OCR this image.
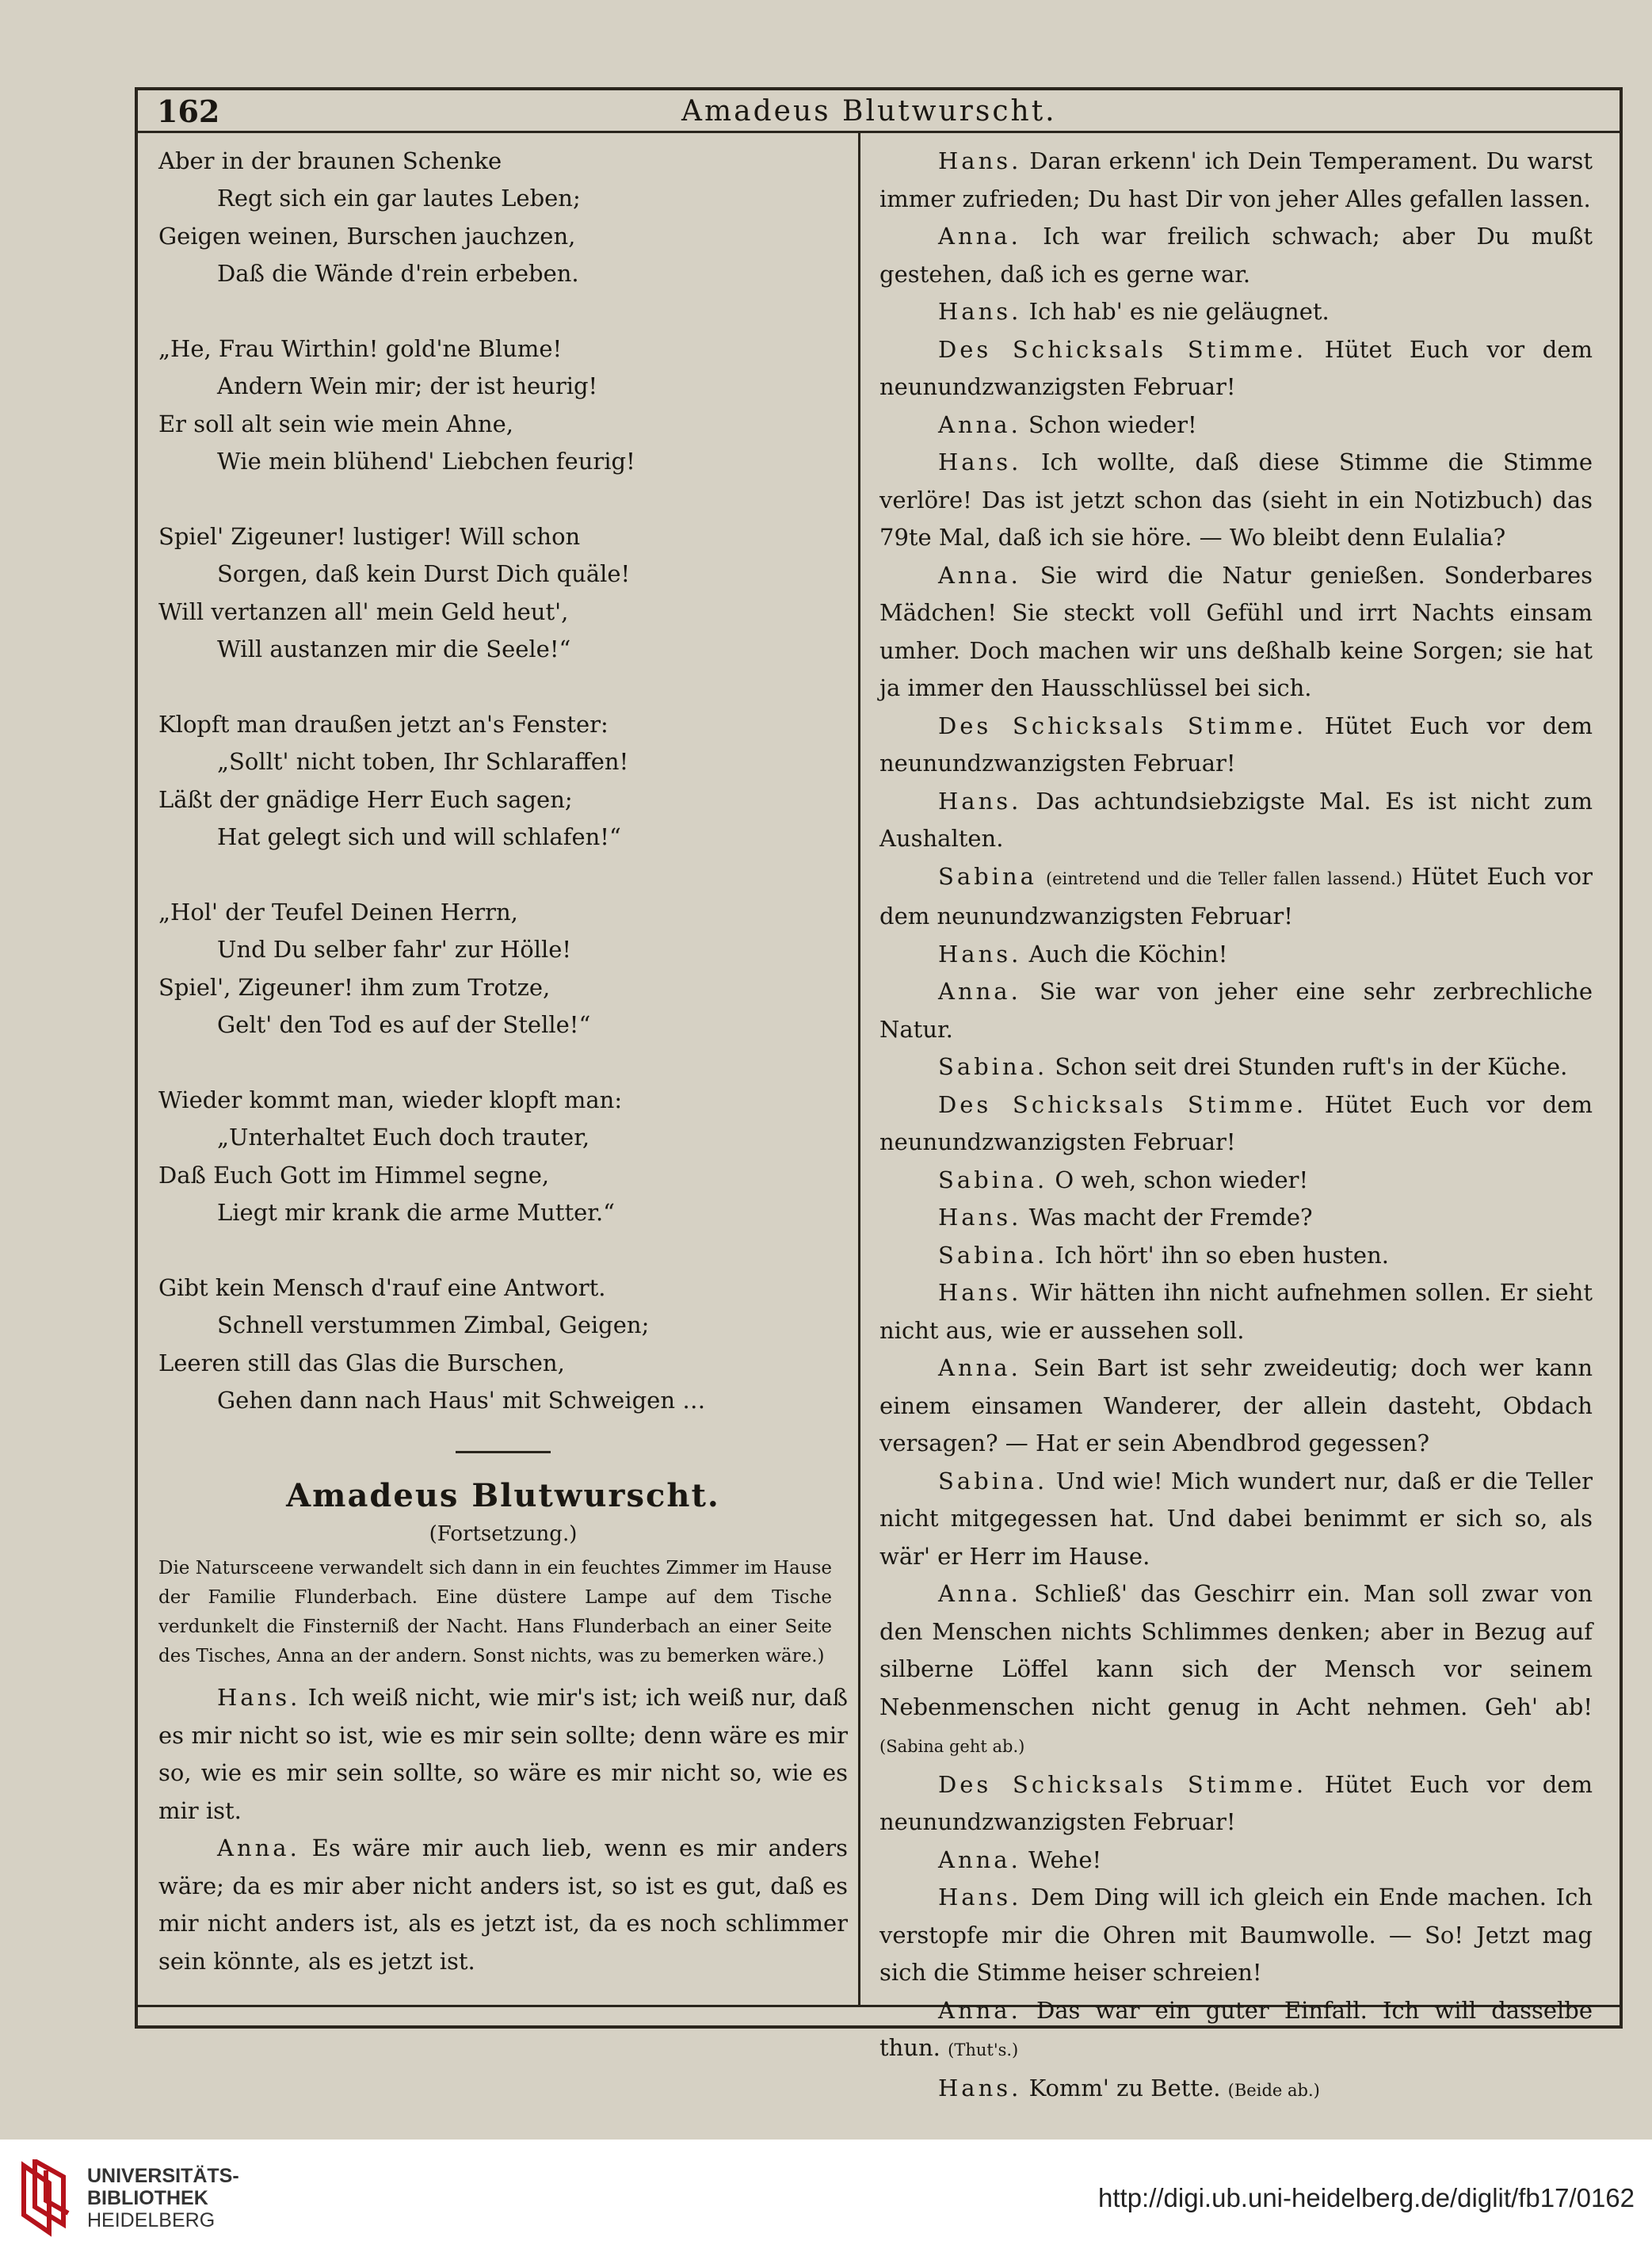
162	Amadeus Blutwurscht.
Aber in der braunen Schenke
Regt sich ein gar lautes Leben;
Geigen weinen, Burschen jauchzen,
Daß die Wände d'rein erbeben.
„He, Frau Wirthin! gold'ne Blume!
Andern Wein mir; der ist heurig!
Er soll alt sein wie mein Ahne,
Wie mein blühend' Liebchen feurig!
Spiel' Zigeuner! lustiger! Will schon
Sorgen, daß kein Durst Dich quäle!
Will vertanzen all' mein Geld heut',
Will austanzen mir die Seele!“
Klopft man draußen jetzt an's Fenster:
„Sollt' nicht toben, Ihr Schlaraffen!
Läßt der gnädige Herr Euch sagen;
Hat gelegt sich und will schlafen!“
„Hol' der Teufel Deinen Herrn,
Und Du selber fahr' zur Hölle!
Spiel', Zigeuner! ihm zum Trotze,
Gelt' den Tod es auf der Stelle!“
Wieder kommt man, wieder klopft man:
„Unterhaltet Euch doch trauter,
Daß Euch Gott im Himmel segne,
Liegt mir krank die arme Mutter.“
Gibt kein Mensch d'rauf eine Antwort.
Schnell verstummen Zimbal, Geigen;
Leeren still das Glas die Burschen,
Gehen dann nach Haus' mit Schweigen …
Amadeus Blutwurscht.
(Fortsetzung.)
Die Natursceene verwandelt sich dann in ein feuchtes Zimmer im Hause der Familie Flunderbach. Eine düstere Lampe auf dem Tische verdunkelt die Finsterniß der Nacht. Hans Flunderbach an einer Seite des Tisches, Anna an der andern. Sonst nichts, was zu bemerken wäre.)
Hans. Ich weiß nicht, wie mir's ist; ich weiß nur, daß es mir nicht so ist, wie es mir sein sollte; denn wäre es mir so, wie es mir sein sollte, so wäre es mir nicht so, wie es mir ist.
Anna. Es wäre mir auch lieb, wenn es mir anders wäre; da es mir aber nicht anders ist, so ist es gut, daß es mir nicht anders ist, als es jetzt ist, da es noch schlimmer sein könnte, als es jetzt ist.
Hans. Daran erkenn' ich Dein Temperament. Du warst immer zufrieden; Du hast Dir von jeher Alles gefallen lassen.
Anna. Ich war freilich schwach; aber Du mußt gestehen, daß ich es gerne war.
Hans. Ich hab' es nie geläugnet.
Des Schicksals Stimme. Hütet Euch vor dem neunundzwanzigsten Februar!
Anna. Schon wieder!
Hans. Ich wollte, daß diese Stimme die Stimme verlöre! Das ist jetzt schon das (sieht in ein Notizbuch) das 79te Mal, daß ich sie höre. — Wo bleibt denn Eulalia?
Anna. Sie wird die Natur genießen. Sonderbares Mädchen! Sie steckt voll Gefühl und irrt Nachts einsam umher. Doch machen wir uns deßhalb keine Sorgen; sie hat ja immer den Hausschlüssel bei sich.
Des Schicksals Stimme. Hütet Euch vor dem neunundzwanzigsten Februar!
Hans. Das achtundsiebzigste Mal. Es ist nicht zum Aushalten.
Sabina (eintretend und die Teller fallen lassend.) Hütet Euch vor dem neunundzwanzigsten Februar!
Hans. Auch die Köchin!
Anna. Sie war von jeher eine sehr zerbrechliche Natur.
Sabina. Schon seit drei Stunden ruft's in der Küche.
Des Schicksals Stimme. Hütet Euch vor dem neunundzwanzigsten Februar!
Sabina. O weh, schon wieder!
Hans. Was macht der Fremde?
Sabina. Ich hört' ihn so eben husten.
Hans. Wir hätten ihn nicht aufnehmen sollen. Er sieht nicht aus, wie er aussehen soll.
Anna. Sein Bart ist sehr zweideutig; doch wer kann einem einsamen Wanderer, der allein dasteht, Obdach versagen? — Hat er sein Abendbrod gegessen?
Sabina. Und wie! Mich wundert nur, daß er die Teller nicht mitgegessen hat. Und dabei benimmt er sich so, als wär' er Herr im Hause.
Anna. Schließ' das Geschirr ein. Man soll zwar von den Menschen nichts Schlimmes denken; aber in Bezug auf silberne Löffel kann sich der Mensch vor seinem Nebenmenschen nicht genug in Acht nehmen. Geh' ab! (Sabina geht ab.)
Des Schicksals Stimme. Hütet Euch vor dem neunundzwanzigsten Februar!
Anna. Wehe!
Hans. Dem Ding will ich gleich ein Ende machen. Ich verstopfe mir die Ohren mit Baumwolle. — So! Jetzt mag sich die Stimme heiser schreien!
Anna. Das war ein guter Einfall. Ich will dasselbe thun. (Thut's.)
Hans. Komm' zu Bette. (Beide ab.)
UNIVERSITÄTS-
BIBLIOTHEK
HEIDELBERG
http://digi.ub.uni-heidelberg.de/diglit/fb17/0162
